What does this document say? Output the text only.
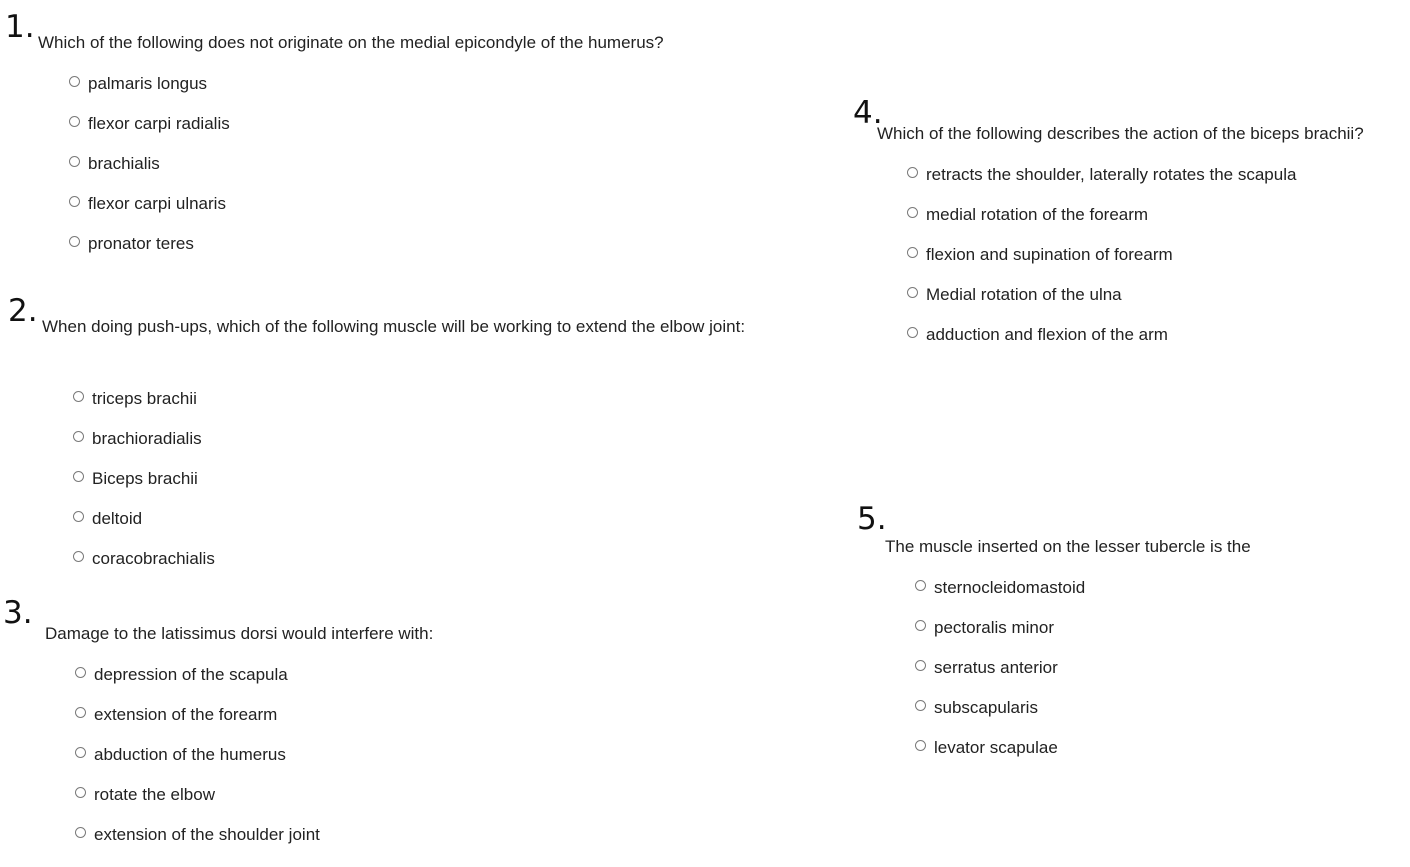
1. Which of the following does not originate on the medial epicondyle of the humerus?
palmaris longus
flexor carpi radialis
brachialis
flexor carpi ulnaris
pronator teres
2. When doing push-ups, which of the following muscle will be working to extend the elbow joint:
triceps brachii
brachioradialis
Biceps brachii
deltoid
coracobrachialis
3.
Damage to the latissimus dorsi would interfere with:
depression of the scapula
extension of the forearm
abduction of the humerus
rotate the elbow
extension of the shoulder joint
4.
Which of the following describes the action of the biceps brachii?
retracts the shoulder, laterally rotates the scapula
medial rotation of the forearm
flexion and supination of forearm
Medial rotation of the ulna
adduction and flexion of the arm
5.
The muscle inserted on the lesser tubercle is the
sternocleidomastoid
pectoralis minor
serratus anterior
subscapularis
levator scapulae
